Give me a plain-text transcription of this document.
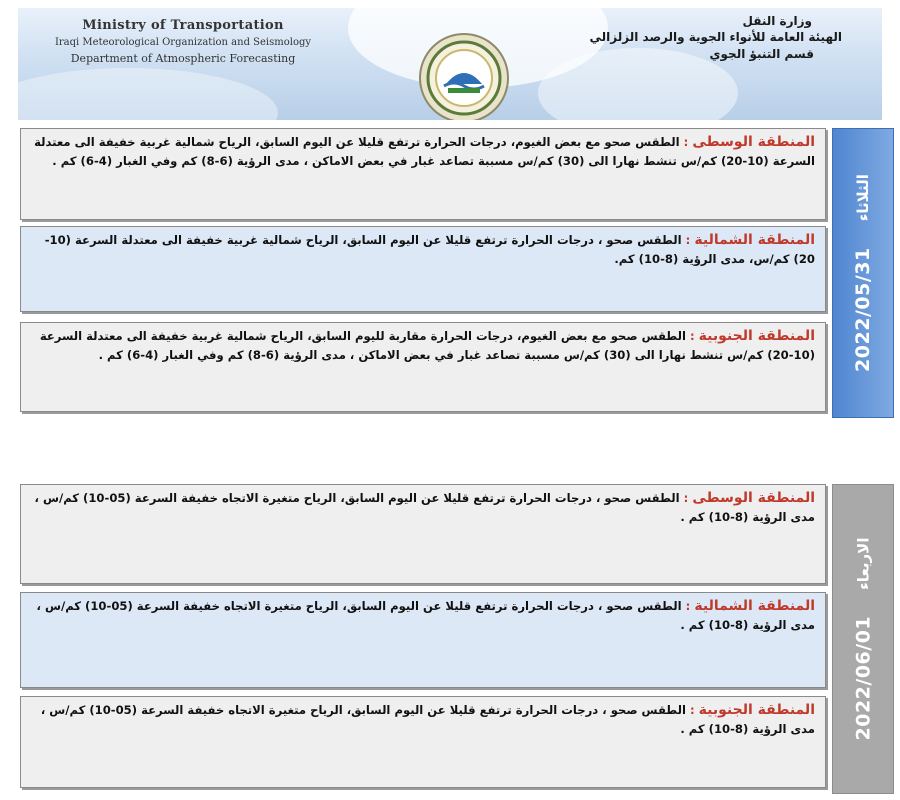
Ministry of Transportation
Iraqi Meteorological Organization and Seismology
Department of Atmospheric Forecasting
وزارة النقل
الهيئة العامة للأنواء الجوية والرصد الزلزالي
قسم التنبؤ الجوي
2022/05/31
الثلاثاء
المنطقة الوسطى : الطقس صحو مع بعض الغيوم، درجات الحرارة ترتفع قليلا عن اليوم السابق، الرياح شمالية غربية خفيفة الى معتدلة السرعة (10-20) كم/س تنشط نهارا الى (30) كم/س مسببة تصاعد غبار في بعض الاماكن ، مدى الرؤية (6-8) كم وفي الغبار (4-6) كم .
المنطقة الشمالية : الطقس صحو ، درجات الحرارة ترتفع قليلا عن اليوم السابق، الرياح شمالية غربية خفيفة الى معتدلة السرعة (10-20) كم/س، مدى الرؤية (8-10) كم.
المنطقة الجنوبية : الطقس صحو مع بعض الغيوم، درجات الحرارة مقاربة لليوم السابق، الرياح شمالية غربية خفيفة الى معتدلة السرعة (10-20) كم/س تنشط نهارا الى (30) كم/س مسببة تصاعد غبار في بعض الاماكن ، مدى الرؤية (6-8) كم وفي الغبار (4-6) كم .
2022/06/01
الاربعاء
المنطقة الوسطى : الطقس صحو ، درجات الحرارة ترتفع قليلا عن اليوم السابق، الرياح متغيرة الاتجاه خفيفة السرعة (05-10) كم/س ، مدى الرؤية (8-10) كم .
المنطقة الشمالية : الطقس صحو ، درجات الحرارة ترتفع قليلا عن اليوم السابق، الرياح متغيرة الاتجاه خفيفة السرعة (05-10) كم/س ، مدى الرؤية (8-10) كم .
المنطقة الجنوبية : الطقس صحو ، درجات الحرارة ترتفع قليلا عن اليوم السابق، الرياح متغيرة الاتجاه خفيفة السرعة (05-10) كم/س ، مدى الرؤية (8-10) كم .
